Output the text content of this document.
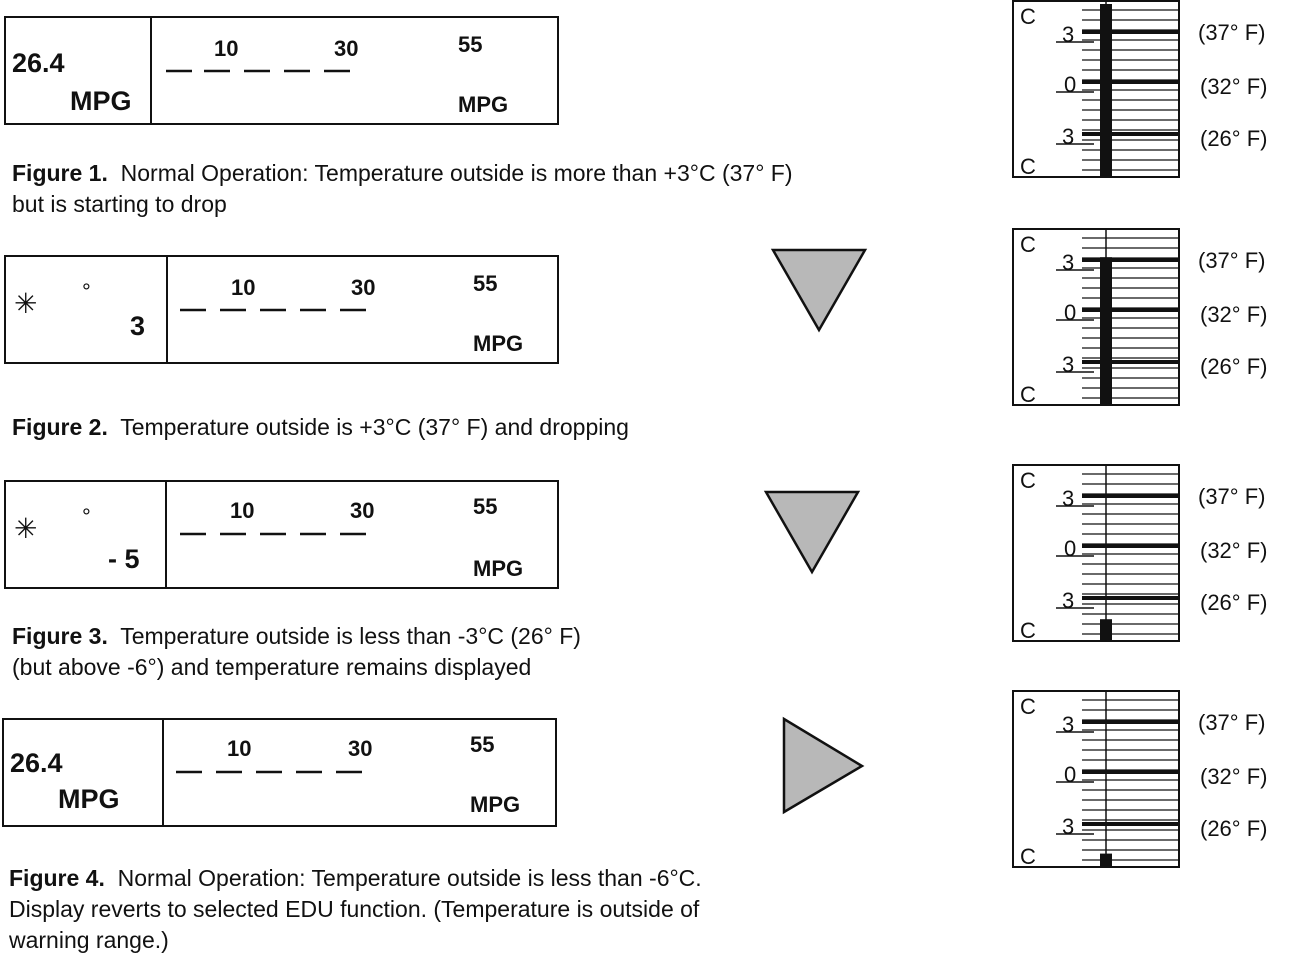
26.4
MPG
10	30	55
MPG
Figure 1. Normal Operation: Temperature outside is more than +3°C (37° F)
but is starting to drop
✳ °
3
10	30	55
MPG
Figure 2. Temperature outside is +3°C (37° F) and dropping
✳ °
- 5
10	30	55
MPG
Figure 3. Temperature outside is less than -3°C (26° F)
(but above -6°) and temperature remains displayed
26.4
MPG
10	30	55
MPG
Figure 4. Normal Operation: Temperature outside is less than -6°C.
Display reverts to selected EDU function. (Temperature is outside of
warning range.)
C
C
3
0
3
(37° F)
(32° F)
(26° F)
C
C
3
0
3
(37° F)
(32° F)
(26° F)
C
C
3
0
3
(37° F)
(32° F)
(26° F)
C
C
3
0
3
(37° F)
(32° F)
(26° F)
